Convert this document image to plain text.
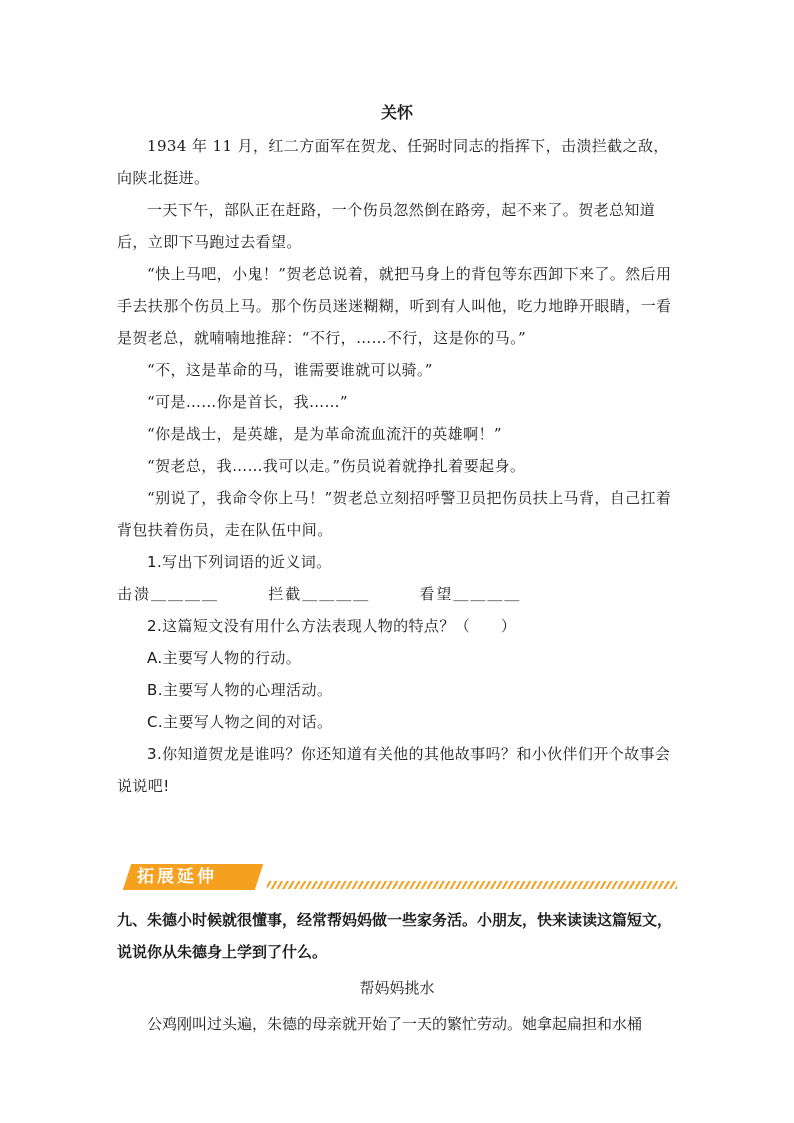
关怀

1934 年 11 月，红二方面军在贺龙、任弼时同志的指挥下，击溃拦截之敌，向陕北挺进。

一天下午，部队正在赶路，一个伤员忽然倒在路旁，起不来了。贺老总知道后，立即下马跑过去看望。

“快上马吧，小鬼！”贺老总说着，就把马身上的背包等东西卸下来了。然后用手去扶那个伤员上马。那个伤员迷迷糊糊，听到有人叫他，吃力地睁开眼睛，一看是贺老总，就喃喃地推辞：“不行，……不行，这是你的马。”

“不，这是革命的马，谁需要谁就可以骑。”

“可是……你是首长，我……”

“你是战士，是英雄，是为革命流血流汗的英雄啊！”

“贺老总，我……我可以走。”伤员说着就挣扎着要起身。

“别说了，我命令你上马！”贺老总立刻招呼警卫员把伤员扶上马背，自己扛着背包扶着伤员，走在队伍中间。

1.写出下列词语的近义词。

击溃＿＿＿＿	拦截＿＿＿＿	看望＿＿＿＿

2.这篇短文没有用什么方法表现人物的特点？（　　）

A.主要写人物的行动。

B.主要写人物的心理活动。

C.主要写人物之间的对话。

3.你知道贺龙是谁吗？你还知道有关他的其他故事吗？和小伙伴们开个故事会说说吧!

拓展延伸

九、朱德小时候就很懂事，经常帮妈妈做一些家务活。小朋友，快来读读这篇短文，说说你从朱德身上学到了什么。

帮妈妈挑水

公鸡刚叫过头遍，朱德的母亲就开始了一天的繁忙劳动。她拿起扁担和水桶
